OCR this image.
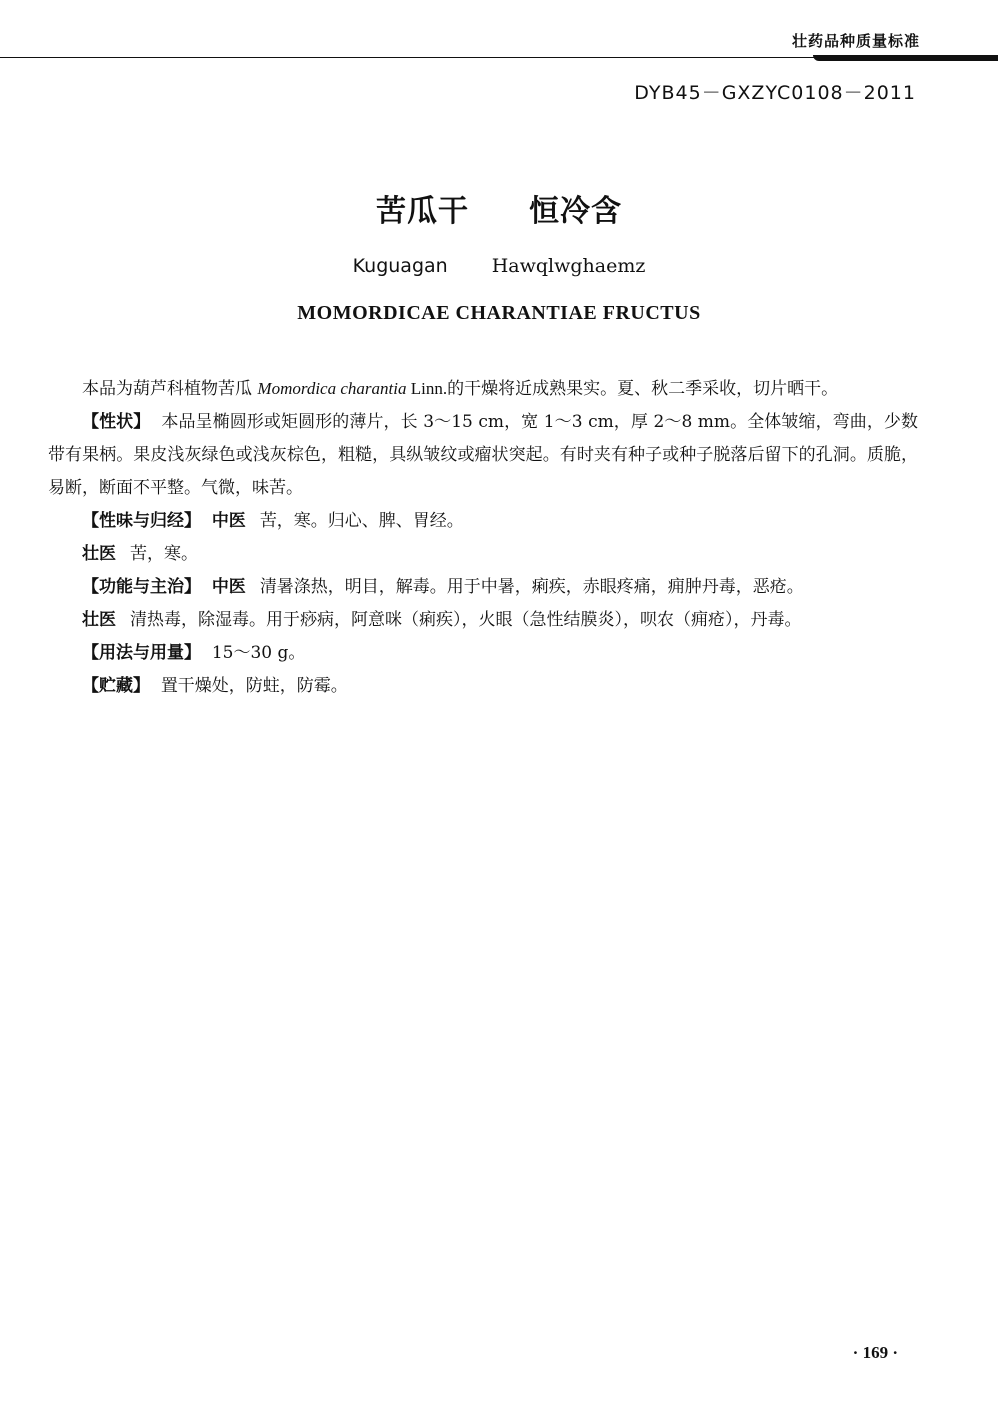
壮药品种质量标准
DYB45－GXZYC0108－2011
苦瓜干 恒冷含
Kuguagan Hawqlwghaemz
MOMORDICAE CHARANTIAE FRUCTUS

本品为葫芦科植物苦瓜 Momordica charantia Linn.的干燥将近成熟果实。夏、秋二季采收，切片晒干。

【性状】 本品呈椭圆形或矩圆形的薄片，长 3～15 cm，宽 1～3 cm，厚 2～8 mm。全体皱缩，弯曲，少数带有果柄。果皮浅灰绿色或浅灰棕色，粗糙，具纵皱纹或瘤状突起。有时夹有种子或种子脱落后留下的孔洞。质脆，易断，断面不平整。气微，味苦。

【性味与归经】 中医 苦，寒。归心、脾、胃经。

壮医 苦，寒。

【功能与主治】 中医 清暑涤热，明目，解毒。用于中暑，痢疾，赤眼疼痛，痈肿丹毒，恶疮。

壮医 清热毒，除湿毒。用于痧病，阿意咪（痢疾），火眼（急性结膜炎），呗农（痈疮），丹毒。

【用法与用量】 15～30 g。

【贮藏】 置干燥处，防蛀，防霉。

· 169 ·
